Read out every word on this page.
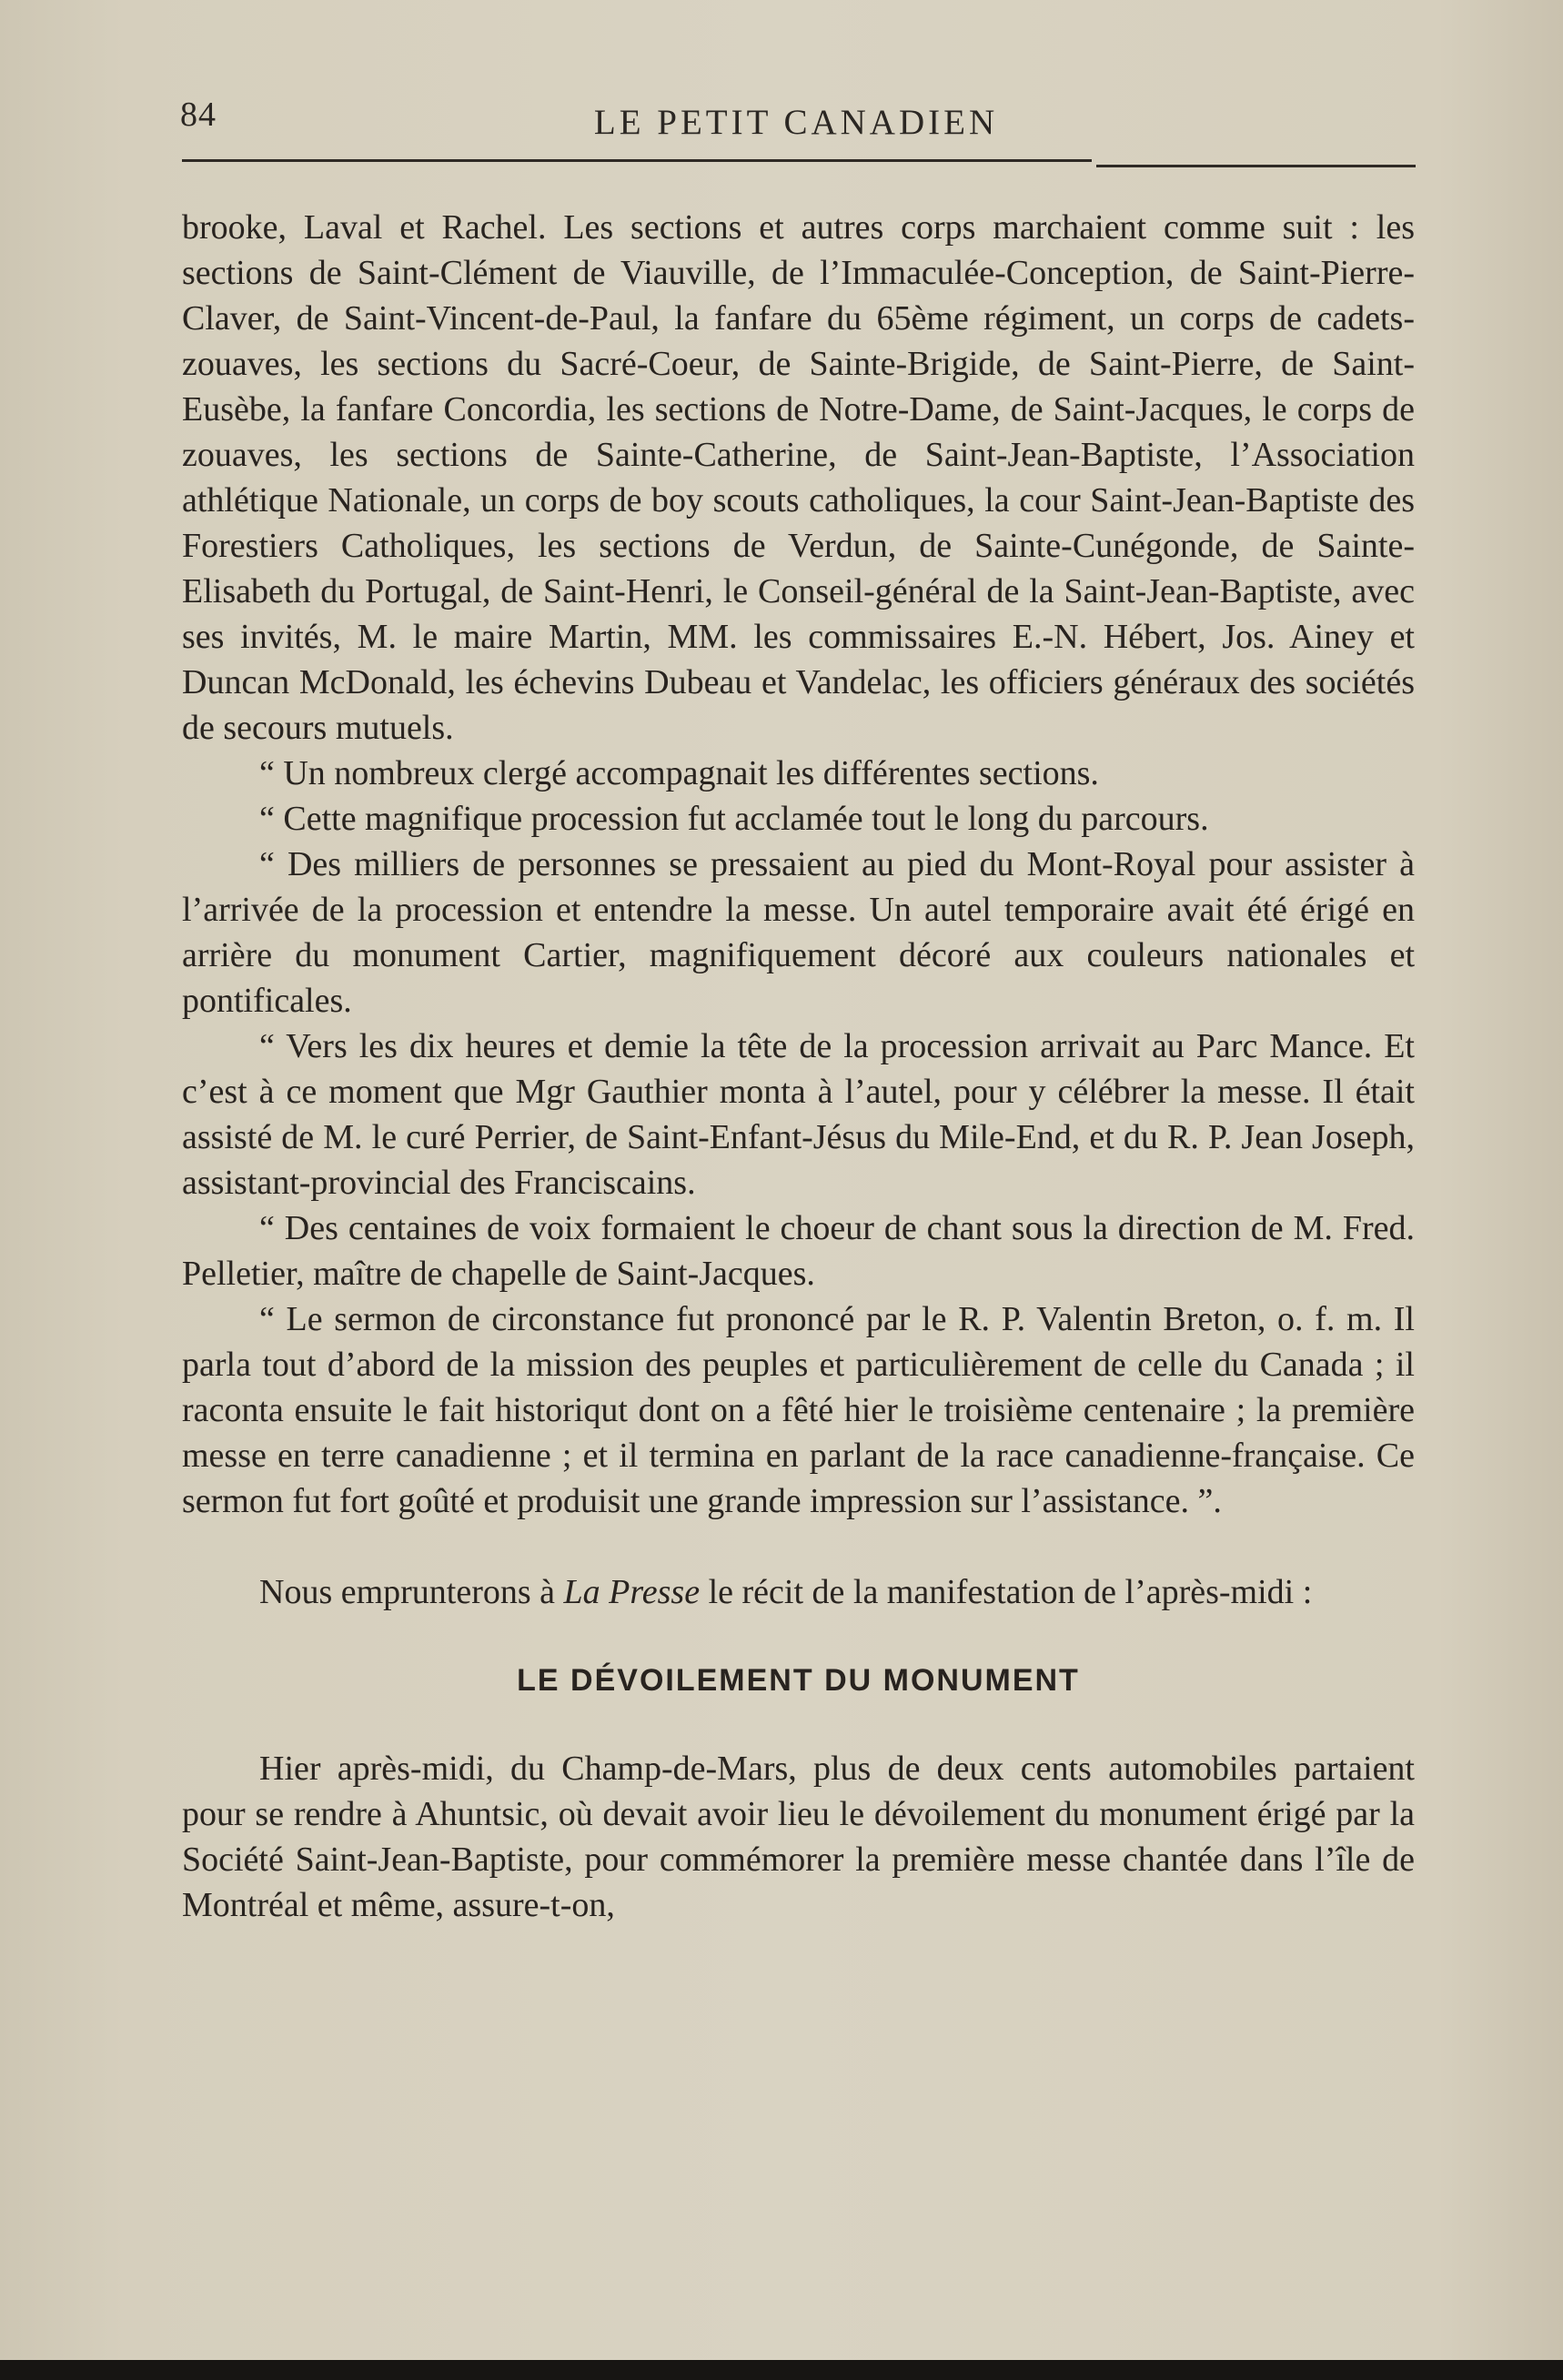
84	LE PETIT CANADIEN

brooke, Laval et Rachel. Les sections et autres corps marchaient comme suit : les sections de Saint-Clément de Viauville, de l’Immaculée-Conception, de Saint-Pierre-Claver, de Saint-Vincent-de-Paul, la fanfare du 65ème régiment, un corps de cadets-zouaves, les sections du Sacré-Coeur, de Sainte-Brigide, de Saint-Pierre, de Saint-Eusèbe, la fanfare Concordia, les sections de Notre-Dame, de Saint-Jacques, le corps de zouaves, les sections de Sainte-Catherine, de Saint-Jean-Baptiste, l’Association athlétique Nationale, un corps de boy scouts catholiques, la cour Saint-Jean-Baptiste des Forestiers Catholiques, les sections de Verdun, de Sainte-Cunégonde, de Sainte-Elisabeth du Portugal, de Saint-Henri, le Conseil-général de la Saint-Jean-Baptiste, avec ses invités, M. le maire Martin, MM. les commissaires E.-N. Hébert, Jos. Ainey et Duncan McDonald, les échevins Dubeau et Vandelac, les officiers généraux des sociétés de secours mutuels.

“ Un nombreux clergé accompagnait les différentes sections.

“ Cette magnifique procession fut acclamée tout le long du parcours.

“ Des milliers de personnes se pressaient au pied du Mont-Royal pour assister à l’arrivée de la procession et entendre la messe. Un autel temporaire avait été érigé en arrière du monument Cartier, magnifiquement décoré aux couleurs nationales et pontificales.

“ Vers les dix heures et demie la tête de la procession arrivait au Parc Mance. Et c’est à ce moment que Mgr Gauthier monta à l’autel, pour y célébrer la messe. Il était assisté de M. le curé Perrier, de Saint-Enfant-Jésus du Mile-End, et du R. P. Jean Joseph, assistant-provincial des Franciscains.

“ Des centaines de voix formaient le choeur de chant sous la direction de M. Fred. Pelletier, maître de chapelle de Saint-Jacques.

“ Le sermon de circonstance fut prononcé par le R. P. Valentin Breton, o. f. m. Il parla tout d’abord de la mission des peuples et particulièrement de celle du Canada ; il raconta ensuite le fait historiqut dont on a fêté hier le troisième centenaire ; la première messe en terre canadienne ; et il termina en parlant de la race canadienne-française. Ce sermon fut fort goûté et produisit une grande impression sur l’assistance. ”.

Nous emprunterons à La Presse le récit de la manifestation de l’après-midi :

LE DÉVOILEMENT DU MONUMENT

Hier après-midi, du Champ-de-Mars, plus de deux cents automobiles partaient pour se rendre à Ahuntsic, où devait avoir lieu le dévoilement du monument érigé par la Société Saint-Jean-Baptiste, pour commémorer la première messe chantée dans l’île de Montréal et même, assure-t-on,
